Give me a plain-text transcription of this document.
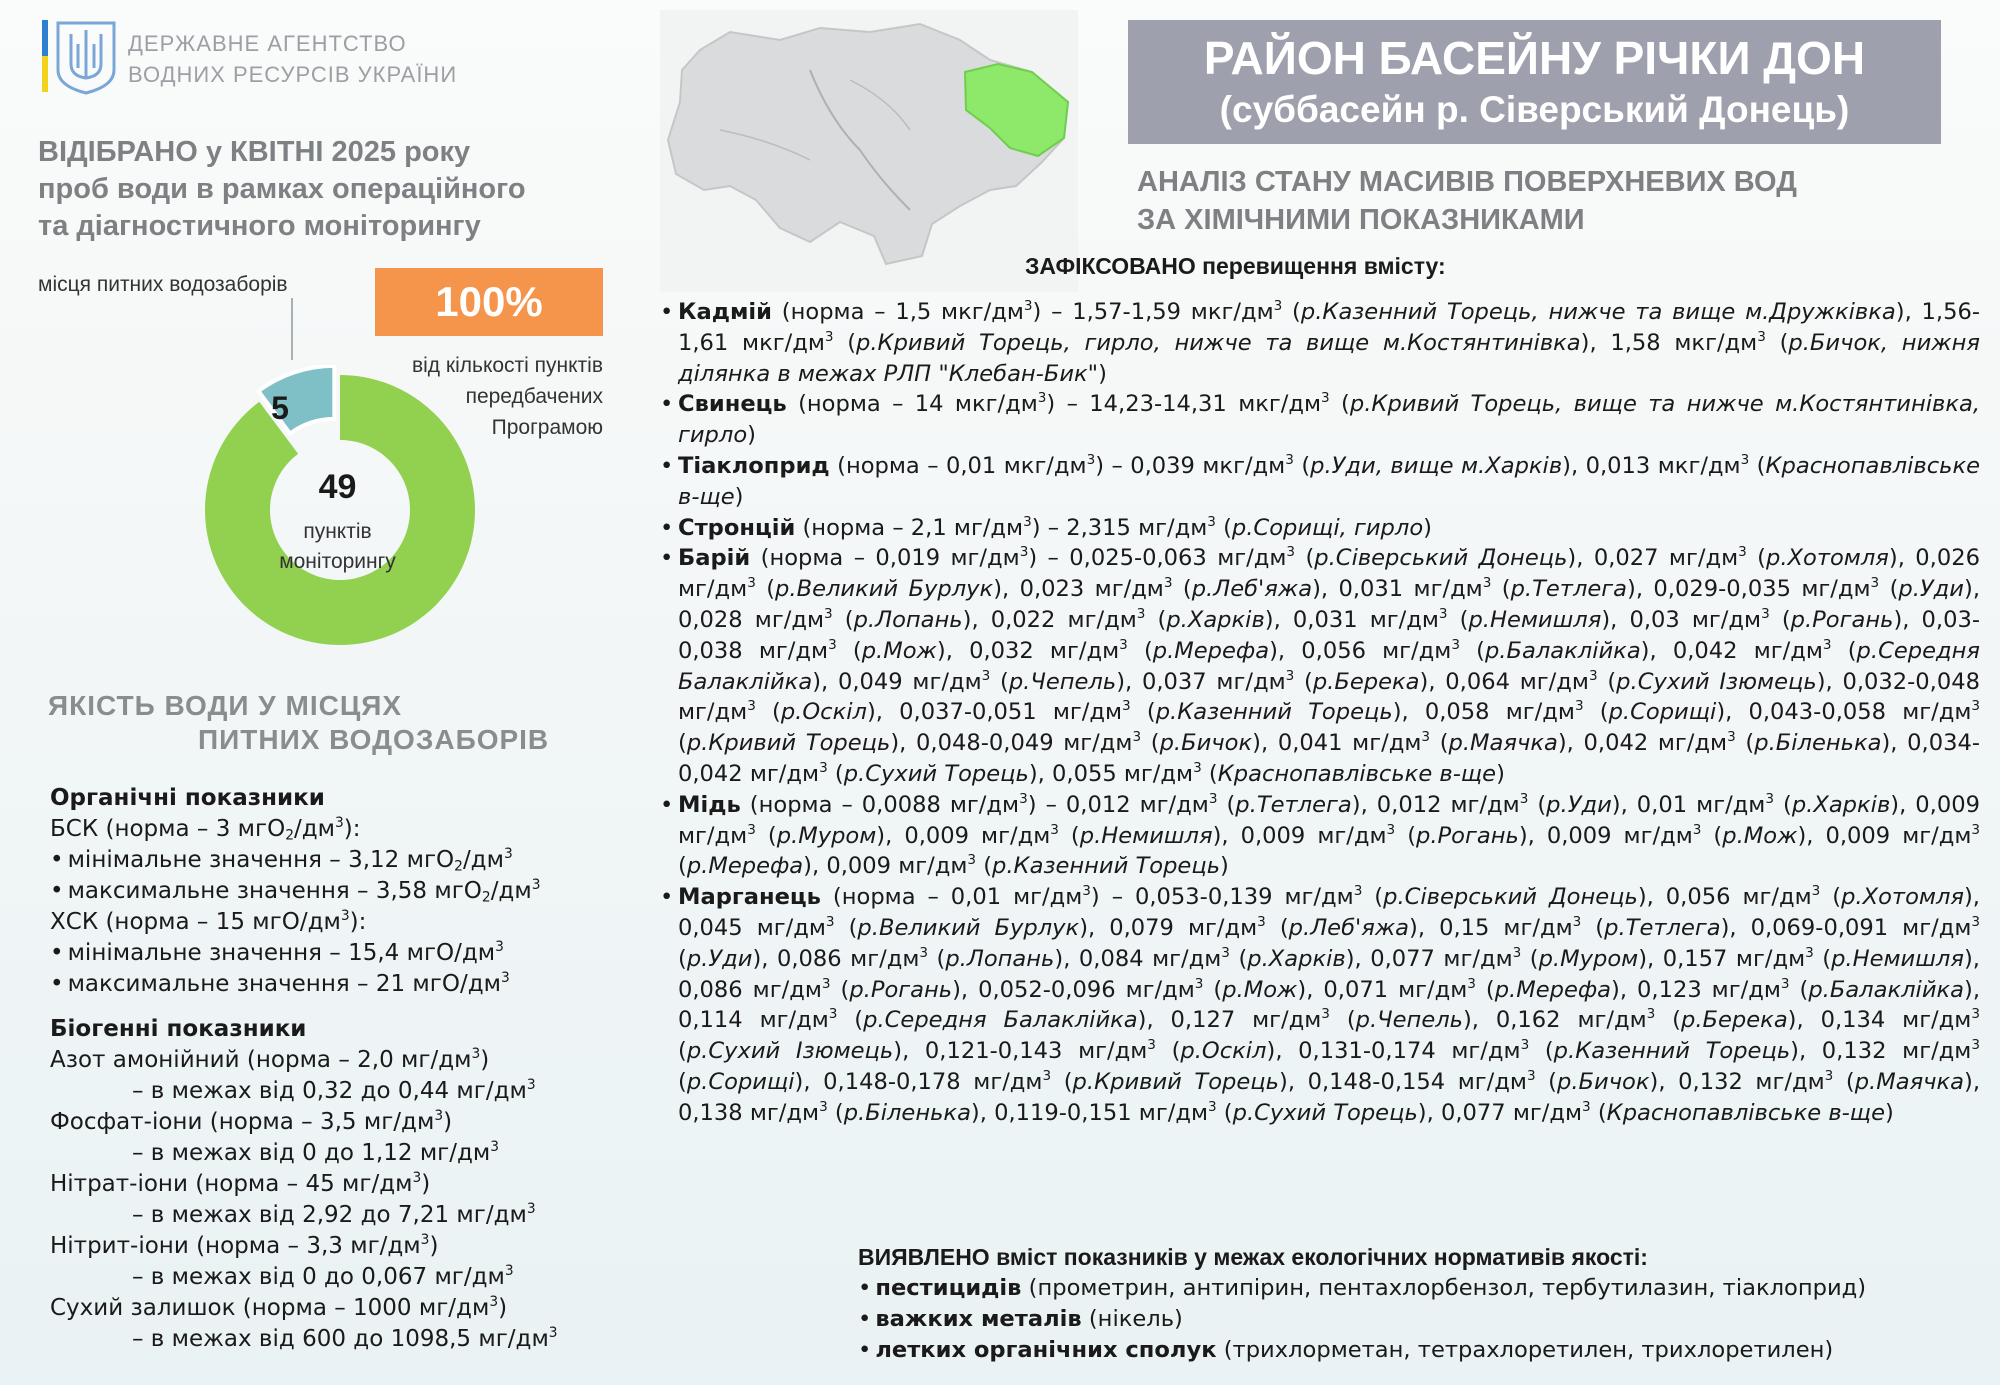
ДЕРЖАВНЕ АГЕНТСТВО
ВОДНИХ РЕСУРСІВ УКРАЇНИ
ВІДІБРАНО у КВІТНІ 2025 року
проб води в рамках операційного
та діагностичного моніторингу
місця питних водозаборів	100%
від кількості пунктів
передбачених
Програмою
5
49
пунктів
моніторингу
ЯКІСТЬ ВОДИ У МІСЦЯХ
ПИТНИХ ВОДОЗАБОРІВ
Органічні показники
БСК (норма – 3 $мгО_2/дм^3$):
• мінімальне значення – 3,12 $мгО_2/дм^3$
• максимальне значення – 3,58 $мгО_2/дм^3$
ХСК (норма – 15 мгО/$дм^3$):
• мінімальне значення – 15,4 мгО/$дм^3$
• максимальне значення – 21 мгО/$дм^3$
Біогенні показники
Азот амонійний (норма – 2,0 $мг/дм^3$)
– в межах від 0,32 до 0,44 $мг/дм^3$
Фосфат-іони (норма – 3,5 $мг/дм^3$)
– в межах від 0 до 1,12 $мг/дм^3$
Нітрат-іони (норма – 45 $мг/дм^3$)
– в межах від 2,92 до 7,21 $мг/дм^3$
Нітрит-іони (норма – 3,3 $мг/дм^3$)
– в межах від 0 до 0,067 $мг/дм^3$
Сухий залишок (норма – 1000 $мг/дм^3$)
– в межах від 600 до 1098,5 $мг/дм^3$
РАЙОН БАСЕЙНУ РІЧКИ ДОН
(суббасейн р. Сіверський Донець)
АНАЛІЗ СТАНУ МАСИВІВ ПОВЕРХНЕВИХ ВОД
ЗА ХІМІЧНИМИ ПОКАЗНИКАМИ
ЗАФІКСОВАНО перевищення вмісту:
• Кадмій (норма – 1,5 мкг/$дм^3) - 1,57-1,59$ мкг/$дм^3$ (р.Казенний Торець, нижче та вище м.Дружківка), 1,56-1,61 мкг/$дм^3$ (р.Кривий Торець, гирло, нижче та вище м.Костянтинівка), 1,58 мкг/$дм^3$ (р.Бичок, нижня ділянка в межах РЛП "Клебан-Бик")
• Свинець (норма – 14 мкг/$дм^3) - 14,23-14,31$ мкг/$дм^3$ (р.Кривий Торець, вище та нижче м.Костянтинівка, гирло)
• Тіаклоприд (норма – 0,01 мкг/$дм^3) - 0,039$ мкг/$дм^3$ (р.Уди, вище м.Харків), 0,013 мкг/$дм^3$ (Краснопавлівське в-ще)
• Стронцій (норма – 2,1 $мг/дм^3) - 2,315$ $мг/дм^3$ (р.Сорищі, гирло)
• Барій (норма – 0,019 $мг/дм^3) - 0,025-0,063$ $мг/дм^3$ (р.Сіверський Донець), 0,027 $мг/дм^3$ (р.Хотомля), 0,026 $мг/дм^3$ (р.Великий Бурлук), 0,023 $мг/дм^3$ (р.Леб'яжа), 0,031 $мг/дм^3$ (р.Тетлега), 0,029-0,035 $мг/дм^3$ (р.Уди), 0,028 $мг/дм^3$ (р.Лопань), 0,022 $мг/дм^3$ (р.Харків), 0,031 $мг/дм^3$ (р.Немишля), 0,03 $мг/дм^3$ (р.Рогань), 0,03-0,038 $мг/дм^3$ (р.Мож), 0,032 $мг/дм^3$ (р.Мерефа), 0,056 $мг/дм^3$ (р.Балаклійка), 0,042 $мг/дм^3$ (р.Середня Балаклійка), 0,049 $мг/дм^3$ (р.Чепель), 0,037 $мг/дм^3$ (р.Берека), 0,064 $мг/дм^3$ (р.Сухий Ізюмець), 0,032-0,048 $мг/дм^3$ (р.Оскіл), 0,037-0,051 $мг/дм^3$ (р.Казенний Торець), 0,058 $мг/дм^3$ (р.Сорищі), 0,043-0,058 $мг/дм^3$ (р.Кривий Торець), 0,048-0,049 $мг/дм^3$ (р.Бичок), 0,041 $мг/дм^3$ (р.Маячка), 0,042 $мг/дм^3$ (р.Біленька), 0,034-0,042 $мг/дм^3$ (р.Сухий Торець), 0,055 $мг/дм^3$ (Краснопавлівське в-ще)
• Мідь (норма – 0,0088 $мг/дм^3) - 0,012$ $мг/дм^3$ (р.Тетлега), 0,012 $мг/дм^3$ (р.Уди), 0,01 $мг/дм^3$ (р.Харків), 0,009 $мг/дм^3$ (р.Муром), 0,009 $мг/дм^3$ (р.Немишля), 0,009 $мг/дм^3$ (р.Рогань), 0,009 $мг/дм^3$ (р.Мож), 0,009 $мг/дм^3$ (р.Мерефа), 0,009 $мг/дм^3$ (р.Казенний Торець)
• Марганець (норма – 0,01 $мг/дм^3) - 0,053-0,139$ $мг/дм^3$ (р.Сіверський Донець), 0,056 $мг/дм^3$ (р.Хотомля), 0,045 $мг/дм^3$ (р.Великий Бурлук), 0,079 $мг/дм^3$ (р.Леб'яжа), 0,15 $мг/дм^3$ (р.Тетлега), 0,069-0,091 $мг/дм^3$ (р.Уди), 0,086 $мг/дм^3$ (р.Лопань), 0,084 $мг/дм^3$ (р.Харків), 0,077 $мг/дм^3$ (р.Муром), 0,157 $мг/дм^3$ (р.Немишля), 0,086 $мг/дм^3$ (р.Рогань), 0,052-0,096 $мг/дм^3$ (р.Мож), 0,071 $мг/дм^3$ (р.Мерефа), 0,123 $мг/дм^3$ (р.Балаклійка), 0,114 $мг/дм^3$ (р.Середня Балаклійка), 0,127 $мг/дм^3$ (р.Чепель), 0,162 $мг/дм^3$ (р.Берека), 0,134 $мг/дм^3$ (р.Сухий Ізюмець), 0,121-0,143 $мг/дм^3$ (р.Оскіл), 0,131-0,174 $мг/дм^3$ (р.Казенний Торець), 0,132 $мг/дм^3$ (р.Сорищі), 0,148-0,178 $мг/дм^3$ (р.Кривий Торець), 0,148-0,154 $мг/дм^3$ (р.Бичок), 0,132 $мг/дм^3$ (р.Маячка), 0,138 $мг/дм^3$ (р.Біленька), 0,119-0,151 $мг/дм^3$ (р.Сухий Торець), 0,077 $мг/дм^3$ (Краснопавлівське в-ще)
ВИЯВЛЕНО вміст показників у межах екологічних нормативів якості:
• пестицидів (прометрин, антипірин, пентахлорбензол, тербутилазин, тіаклоприд)
• важких металів (нікель)
• летких органічних сполук (трихлорметан, тетрахлоретилен, трихлоретилен)
